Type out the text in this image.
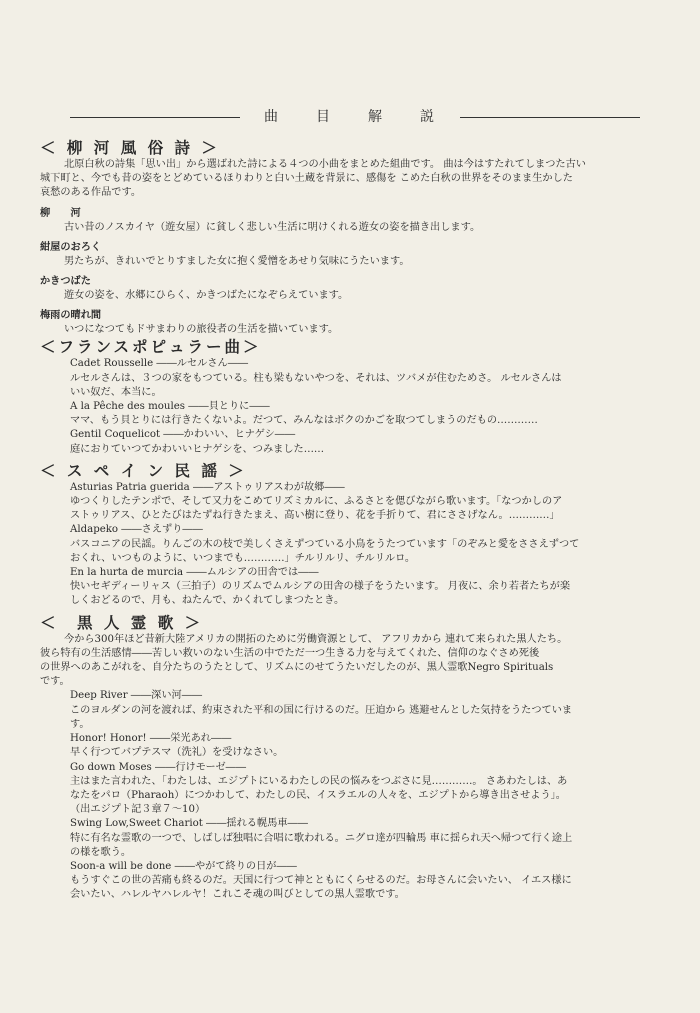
曲　目　解　説

＜ 柳 河 風 俗 詩 ＞

北原白秋の詩集「思い出」から選ばれた詩による４つの小曲をまとめた組曲です。 曲は今はすたれてしまつた古い

城下町と、今でも昔の姿をとどめているほりわりと白い土蔵を背景に、感傷を こめた白秋の世界をそのまま生かした

哀愁のある作品です。

柳　　河

古い昔のノスカイヤ（遊女屋）に貧しく悲しい生活に明けくれる遊女の姿を描き出します。

紺屋のおろく

男たちが、きれいでとりすました女に抱く愛憎をあせり気味にうたいます。

かきつばた

遊女の姿を、水郷にひらく、かきつばたになぞらえています。

梅雨の晴れ間

いつになつてもドサまわりの旅役者の生活を描いています。

＜フランスポピュラー曲＞

Cadet Rousselle ――ルセルさん――

ルセルさんは、３つの家をもつている。柱も梁もないやつを、それは、ツバメが住むためさ。 ルセルさんは

いい奴だ、本当に。

A la Pêche des moules ――貝とりに――

ママ、もう貝とりには行きたくないよ。だつて、みんなはボクのかごを取つてしまうのだもの…………

Gentil Coquelicot ――かわいい、ヒナゲシ――

庭におりていつてかわいいヒナゲシを、つみました……

＜ ス ペ イ ン 民 謡 ＞

Asturias Patria guerida ――アストゥリアスわが故郷――

ゆつくりしたテンポで、そして又力をこめてリズミカルに、ふるさとを偲びながら歌います。「なつかしのア

ストゥリアス、ひとたびはたずね行きたまえ、高い樹に登り、花を手折りて、君にささげなん。…………」

Aldapeko ――さえずり――

バスコニアの民謡。りんごの木の枝で美しくさえずつている小鳥をうたつています「のぞみと愛をささえずつて

おくれ、いつものように、いつまでも…………」チルリルリ、チルリルロ。

En la hurta de murcia ――ムルシアの田舎では――

快いセギディーリャス（三拍子）のリズムでムルシアの田舎の様子をうたいます。 月夜に、余り若者たちが楽

しくおどるので、月も、ねたんで、かくれてしまつたとき。

＜　黒 人 霊 歌 ＞

今から300年ほど昔新大陸アメリカの開拓のために労働資源として、 アフリカから 連れて来られた黒人たち。

彼ら特有の生活感情――苦しい救いのない生活の中でただ一つ生きる力を与えてくれた、信仰のなぐさめ死後

の世界へのあこがれを、自分たちのうたとして、リズムにのせてうたいだしたのが、黒人霊歌Negro Spirituals

です。

Deep River ――深い河――

このヨルダンの河を渡れば、約束された平和の国に行けるのだ。圧迫から 逃避せんとした気持をうたつていま

す。

Honor! Honor! ――栄光あれ――

早く行つてバプテスマ（洗礼）を受けなさい。

Go down Moses ――行けモーゼ――

主はまた言われた、「わたしは、エジプトにいるわたしの民の悩みをつぶさに見…………。 さあわたしは、あ

なたをパロ（Pharaoh）につかわして、わたしの民、イスラエルの人々を、エジプトから導き出させよう」。

（出エジプト記３章７～10）

Swing Low,Sweet Chariot ――揺れる幌馬車――

特に有名な霊歌の一つで、しばしば独唱に合唱に歌われる。ニグロ達が四輪馬 車に揺られ天へ帰つて行く途上

の様を歌う。

Soon-a will be done ――やがて終りの日が――

もうすぐこの世の苦痛も終るのだ。天国に行つて神とともにくらせるのだ。お母さんに会いたい、 イエス様に

会いたい、ハレルヤハレルヤ！これこそ魂の叫びとしての黒人霊歌です。
